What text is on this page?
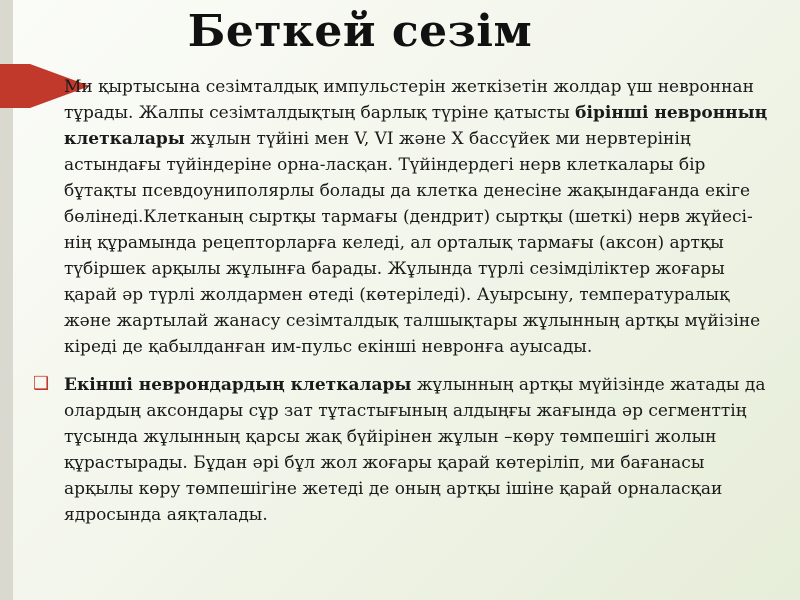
Беткей сезім

Ми қыртысына сезімталдық импульстерін жеткізетін жолдар үш невроннан тұрады. Жалпы сезімталдықтың барлық түріне қатысты бірінші невронның клеткалары жұлын түйіні мен V, VI және X бассүйек ми нервтерінің астындағы түйіндеріне орна-ласқан. Түйіндердегі нерв клеткалары бір бұтақты псевдоуниполярлы болады да клетка денесіне жақындағанда екіге бөлінеді.Клетканың сыртқы тармағы (дендрит) сыртқы (шеткі) нерв жүйесі-нің құрамында рецепторларға келеді, ал орталық тармағы (аксон) артқы түбіршек арқылы жұлынға барады. Жұлында түрлі сезімділіктер жоғары қарай әр түрлі жолдармен өтеді (көтеріледі). Ауырсыну, температуралық және жартылай жанасу сезімталдық талшықтары жұлынның артқы мүйізіне кіреді де қабылданған им-пульс екінші невронға ауысады.

❑ Екінші неврондардың клеткалары жұлынның артқы мүйізінде жатады да олардың аксондары сұр зат тұтастығының алдыңғы жағында әр сегменттің тұсында жұлынның қарсы жақ бүйірінен жұлын –көру төмпешігі жолын құрастырады. Бұдан әрі бұл жол жоғары қарай көтеріліп, ми бағанасы арқылы көру төмпешігіне жетеді де оның артқы ішіне қарай орналасқаи ядросында аяқталады.
